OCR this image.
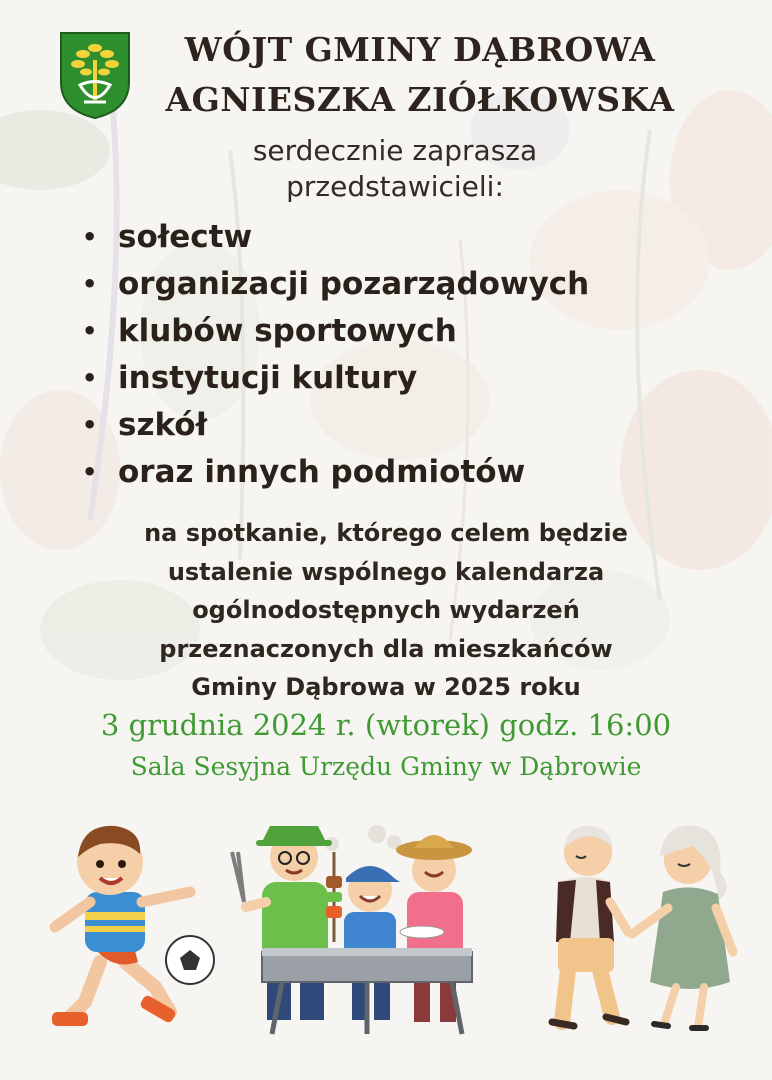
WÓJT GMINY DĄBROWA
AGNIESZKA ZIÓŁKOWSKA

serdecznie zaprasza

przedstawicieli:

• sołectw
• organizacji pozarządowych
• klubów sportowych
• instytucji kultury
• szkół
• oraz innych podmiotów

na spotkanie, którego celem będzie
ustalenie wspólnego kalendarza
ogólnodostępnych wydarzeń
przeznaczonych dla mieszkańców
Gminy Dąbrowa w 2025 roku

3 grudnia 2024 r. (wtorek) godz. 16:00

Sala Sesyjna Urzędu Gminy w Dąbrowie
